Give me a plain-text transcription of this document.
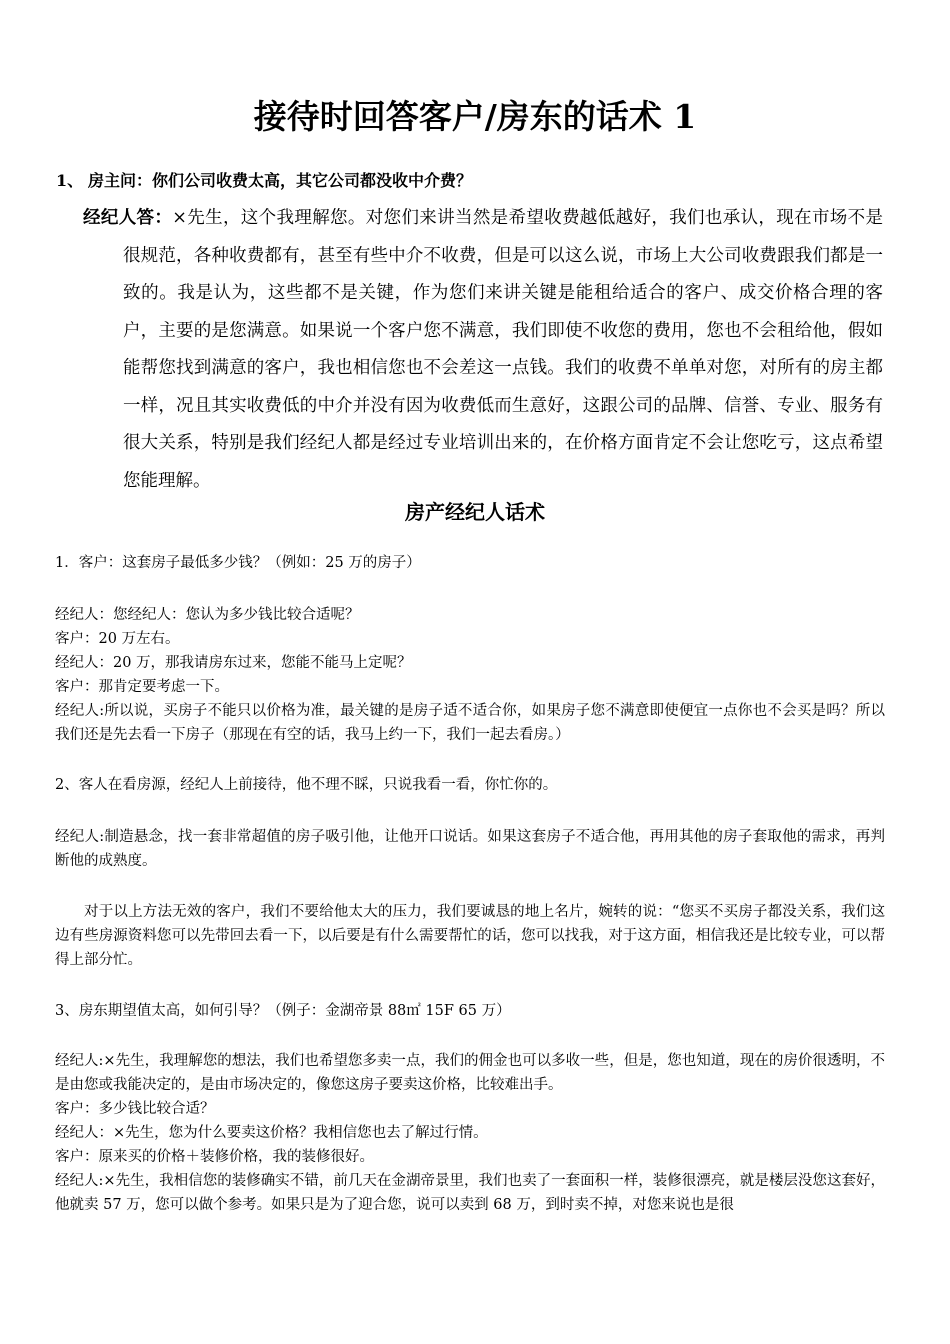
接待时回答客户/房东的话术 1
1、 房主问：你们公司收费太高，其它公司都没收中介费？
经纪人答：×先生，这个我理解您。对您们来讲当然是希望收费越低越好，我们也承认，现在市场不是很规范，各种收费都有，甚至有些中介不收费，但是可以这么说，市场上大公司收费跟我们都是一致的。我是认为，这些都不是关键，作为您们来讲关键是能租给适合的客户、成交价格合理的客户，主要的是您满意。如果说一个客户您不满意，我们即使不收您的费用，您也不会租给他，假如能帮您找到满意的客户，我也相信您也不会差这一点钱。我们的收费不单单对您，对所有的房主都一样，况且其实收费低的中介并没有因为收费低而生意好，这跟公司的品牌、信誉、专业、服务有很大关系，特别是我们经纪人都是经过专业培训出来的，在价格方面肯定不会让您吃亏，这点希望您能理解。
房产经纪人话术
1．客户：这套房子最低多少钱？（例如：25 万的房子）

经纪人：您经纪人：您认为多少钱比较合适呢？

客户：20 万左右。

经纪人：20 万，那我请房东过来，您能不能马上定呢？

客户：那肯定要考虑一下。

经纪人:所以说，买房子不能只以价格为准，最关键的是房子适不适合你，如果房子您不满意即使便宜一点你也不会买是吗？所以我们还是先去看一下房子（那现在有空的话，我马上约一下，我们一起去看房。）

2、客人在看房源，经纪人上前接待，他不理不睬，只说我看一看，你忙你的。
经纪人:制造悬念，找一套非常超值的房子吸引他，让他开口说话。如果这套房子不适合他，再用其他的房子套取他的需求，再判断他的成熟度。
对于以上方法无效的客户，我们不要给他太大的压力，我们要诚恳的地上名片，婉转的说：“您买不买房子都没关系，我们这边有些房源资料您可以先带回去看一下，以后要是有什么需要帮忙的话，您可以找我，对于这方面，相信我还是比较专业，可以帮得上部分忙。
3、房东期望值太高，如何引导？（例子：金湖帝景 88㎡ 15F 65 万）

经纪人:×先生，我理解您的想法，我们也希望您多卖一点，我们的佣金也可以多收一些，但是，您也知道，现在的房价很透明，不是由您或我能决定的，是由市场决定的，像您这房子要卖这价格，比较难出手。

客户：多少钱比较合适？

经纪人：×先生，您为什么要卖这价格？我相信您也去了解过行情。

客户：原来买的价格＋装修价格，我的装修很好。

经纪人:×先生，我相信您的装修确实不错，前几天在金湖帝景里，我们也卖了一套面积一样，装修很漂亮，就是楼层没您这套好，他就卖 57 万，您可以做个参考。如果只是为了迎合您，说可以卖到 68 万，到时卖不掉，对您来说也是很
